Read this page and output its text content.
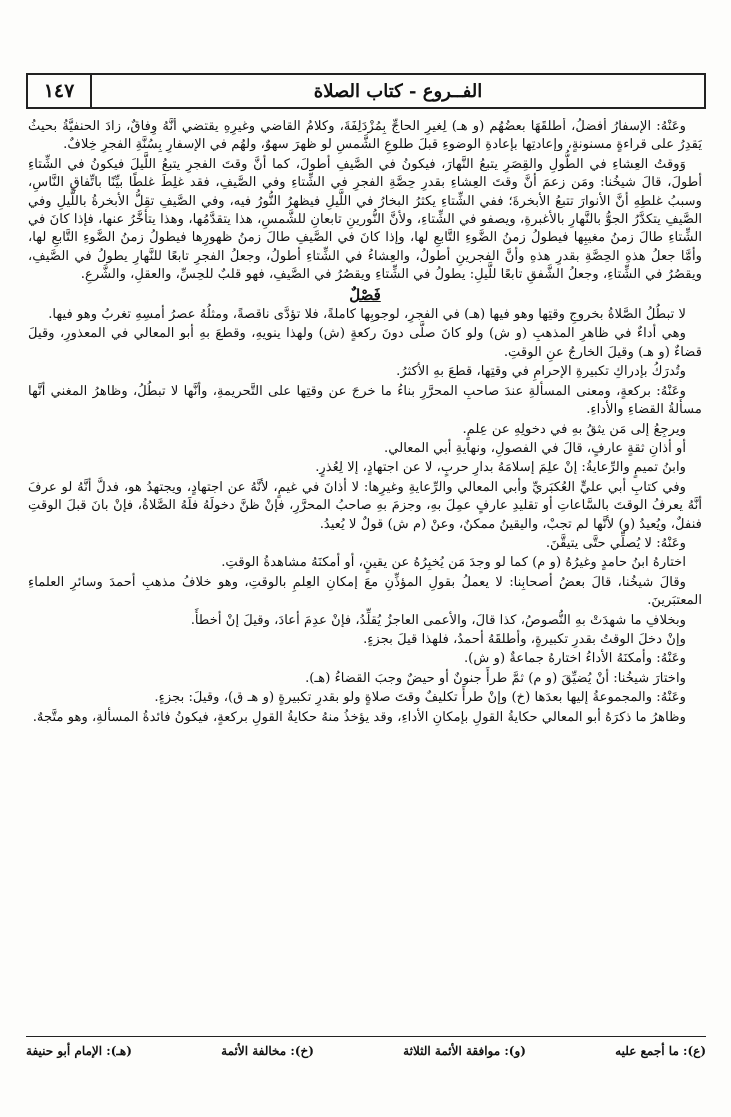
١٤٧	الفــروع - كتاب الصلاة

وعَنْهُ: الإسفارُ أفضلُ، أطلقَهَا بعضُهُم (و هـ) لِغيرِ الحاجِّ بِمُزْدَلِفَةَ، وكلامُ القاضي وغيرِهِ يقتضي أنَّهُ وِفاقٌ، زادَ الحنفيَّةُ بحيثُ يَقدِرُ على قراءةٍ مسنونةٍ، وإعادتِها بإعادةِ الوضوءِ قبلَ طلوعِ الشَّمسِ لو ظهرَ سهوٌ، ولهُم في الإسفارِ بِسُنَّةِ الفجرِ خِلافٌ.

وَوقتُ العِشاءِ في الطُّولِ والقِصَرِ يتبعُ النَّهارَ، فيكونُ في الصَّيفِ أطولَ، كما أنَّ وقتَ الفجرِ يتبعُ اللَّيلَ فيكونُ في الشِّتاءِ أطولَ، قالَ شيخُنا: ومَن زعمَ أنَّ وقتَ العِشاءِ بقدرِ حِصَّةِ الفجرِ في الشِّتاءِ وفي الصَّيفِ، فقد غلِطَ غلطًا بيِّنًا باتِّفاقِ النَّاسِ، وسببُ غلطِهِ أنَّ الأنوارَ تتبعُ الأبخرةَ؛ ففي الشِّتاءِ يكثرُ البخارُ في اللَّيلِ فيظهرُ النُّورُ فيه، وفي الصَّيفِ تقِلُّ الأبخرةُ باللَّيلِ وفي الصَّيفِ يتكدَّرُ الجوُّ بالنَّهارِ بالأغبرةِ، ويصفو في الشِّتاءِ، ولأنَّ النُّورينِ تابعانِ للشَّمسِ، هذا يتقدَّمُها، وهذا يتأخَّرُ عنها، فإذا كانَ في الشِّتاءِ طالَ زمنُ مغيبِها فيطولُ زمنُ الضَّوءِ التَّابعِ لها، وإذا كانَ في الصَّيفِ طالَ زمنُ ظهورِها فيطولُ زمنُ الضَّوءِ التَّابعِ لها، وأمَّا جعلُ هذهِ الحِصَّةِ بقدرِ هذهِ وأنَّ الفجرينِ أطولُ، والعِشاءُ في الشِّتاءِ أطولُ، وجعلُ الفجرِ تابعًا للنَّهارِ يطولُ في الصَّيفِ، ويقصُرُ في الشِّتاءِ، وجعلُ الشَّفقِ تابعًا للَّيلِ: يطولُ في الشِّتاءِ ويقصُرُ في الصَّيفِ، فهو قلبٌ للحِسِّ، والعقلِ، والشَّرعِ.

فَصْلٌ

لا تبطُلُ الصَّلاةُ بخروجِ وقتِها وهو فيها (هـ) في الفجرِ، لوجوبِها كاملةً، فلا تؤدَّى ناقصةً، ومثلُهُ عصرُ أمسِهِ تغربُ وهو فيها.

وهي أداءٌ في ظاهرِ المذهبِ (و ش) ولو كانَ صلَّى دونَ ركعةٍ (ش) ولهذا ينويهِ، وقطعَ بهِ أبو المعالي في المعذورِ، وقيلَ قضاءٌ (و هـ) وقيلَ الخارجُ عنِ الوقتِ.

وتُدرَكُ بإدراكِ تكبيرةِ الإحرامِ في وقتِها، قطعَ بهِ الأكثرُ.

وعَنْهُ: بركعةٍ، ومعنى المسألةِ عندَ صاحبِ المحرَّرِ بناءُ ما خرجَ عن وقتِها على التَّحريمةِ، وأنَّها لا تبطُلُ، وظاهرُ المغني أنَّها مسألةُ القضاءِ والأداءِ.

ويرجِعُ إلى مَن يثقُ بهِ في دخولِهِ عن عِلمٍ.

أو أذانِ ثقةٍ عارفٍ، قالَ في الفصولِ، ونهايةِ أبي المعالي.

وابنُ تميمٍ والرِّعايةُ: إنْ علِمَ إسلامَهُ بدارِ حربٍ، لا عن اجتهادٍ، إلا لِعُذرٍ.

وفي كتابِ أبي عليٍّ العُكبَريِّ وأبي المعالي والرِّعايةِ وغيرِها: لا أذانَ في غيمٍ، لأنَّهُ عن اجتهادٍ، ويجتهدُ هو، فدلَّ أنَّهُ لو عرفَ أنَّهُ يعرفُ الوقتَ بالسَّاعاتِ أو تقليدِ عارفٍ عمِلَ بهِ، وجزمَ بهِ صاحبُ المحرَّرِ، فإنْ ظنَّ دخولَهُ فلَهُ الصَّلاةُ، فإنْ بانَ قبلَ الوقتِ فنفلٌ، ويُعيدُ (و) لأنَّها لم تجبْ، واليقينُ ممكنٌ، وعنْ (م ش) قولٌ لا يُعيدُ.

وعَنْهُ: لا يُصلِّي حتَّى يتيقَّنَ.

اختارهُ ابنُ حامدٍ وغيرُهُ (و م) كما لو وجدَ مَن يُخبِرُهُ عن يقينٍ، أو أمكنَهُ مشاهدةُ الوقتِ.

وقالَ شيخُنا، قالَ بعضُ أصحابِنا: لا يعملُ بقولِ المؤذِّنِ معَ إمكانِ العِلمِ بالوقتِ، وهو خلافُ مذهبِ أحمدَ وسائرِ العلماءِ المعتبَرينَ.

وبخلافِ ما شهدَتْ بهِ النُّصوصُ، كذا قالَ، والأعمى العاجزُ يُقلِّدُ، فإنْ عدِمَ أعادَ، وقيلَ إنْ أخطأَ.

وإنْ دخلَ الوقتُ بقدرِ تكبيرةٍ، وأطلقَهُ أحمدُ، فلهذا قيلَ بجزءٍ.

وعَنْهُ: وأمكنَهُ الأداءُ اختارهُ جماعةٌ (و ش).

واختارَ شيخُنا: أنْ يُضيِّقَ (و م) ثمَّ طرأَ جنونٌ أو حيضٌ وجبَ القضاءُ (هـ).

وعَنْهُ: والمجموعةُ إليها بعدَها (خ) وإنْ طرأَ تكليفٌ وقتَ صلاةٍ ولو بقدرِ تكبيرةٍ (و هـ ق)، وقيلَ: بجزءٍ.

وظاهرُ ما ذكرَهُ أبو المعالي حكايةُ القولِ بإمكانِ الأداءِ، وقد يؤخذُ منهُ حكايةُ القولِ بركعةٍ، فيكونُ فائدةُ المسألةِ، وهو متَّجهٌ.

(ع): ما أجمع عليه
(و): موافقة الأئمة الثلاثة
(خ): مخالفة الأئمة
(هـ): الإمام أبو حنيفة
